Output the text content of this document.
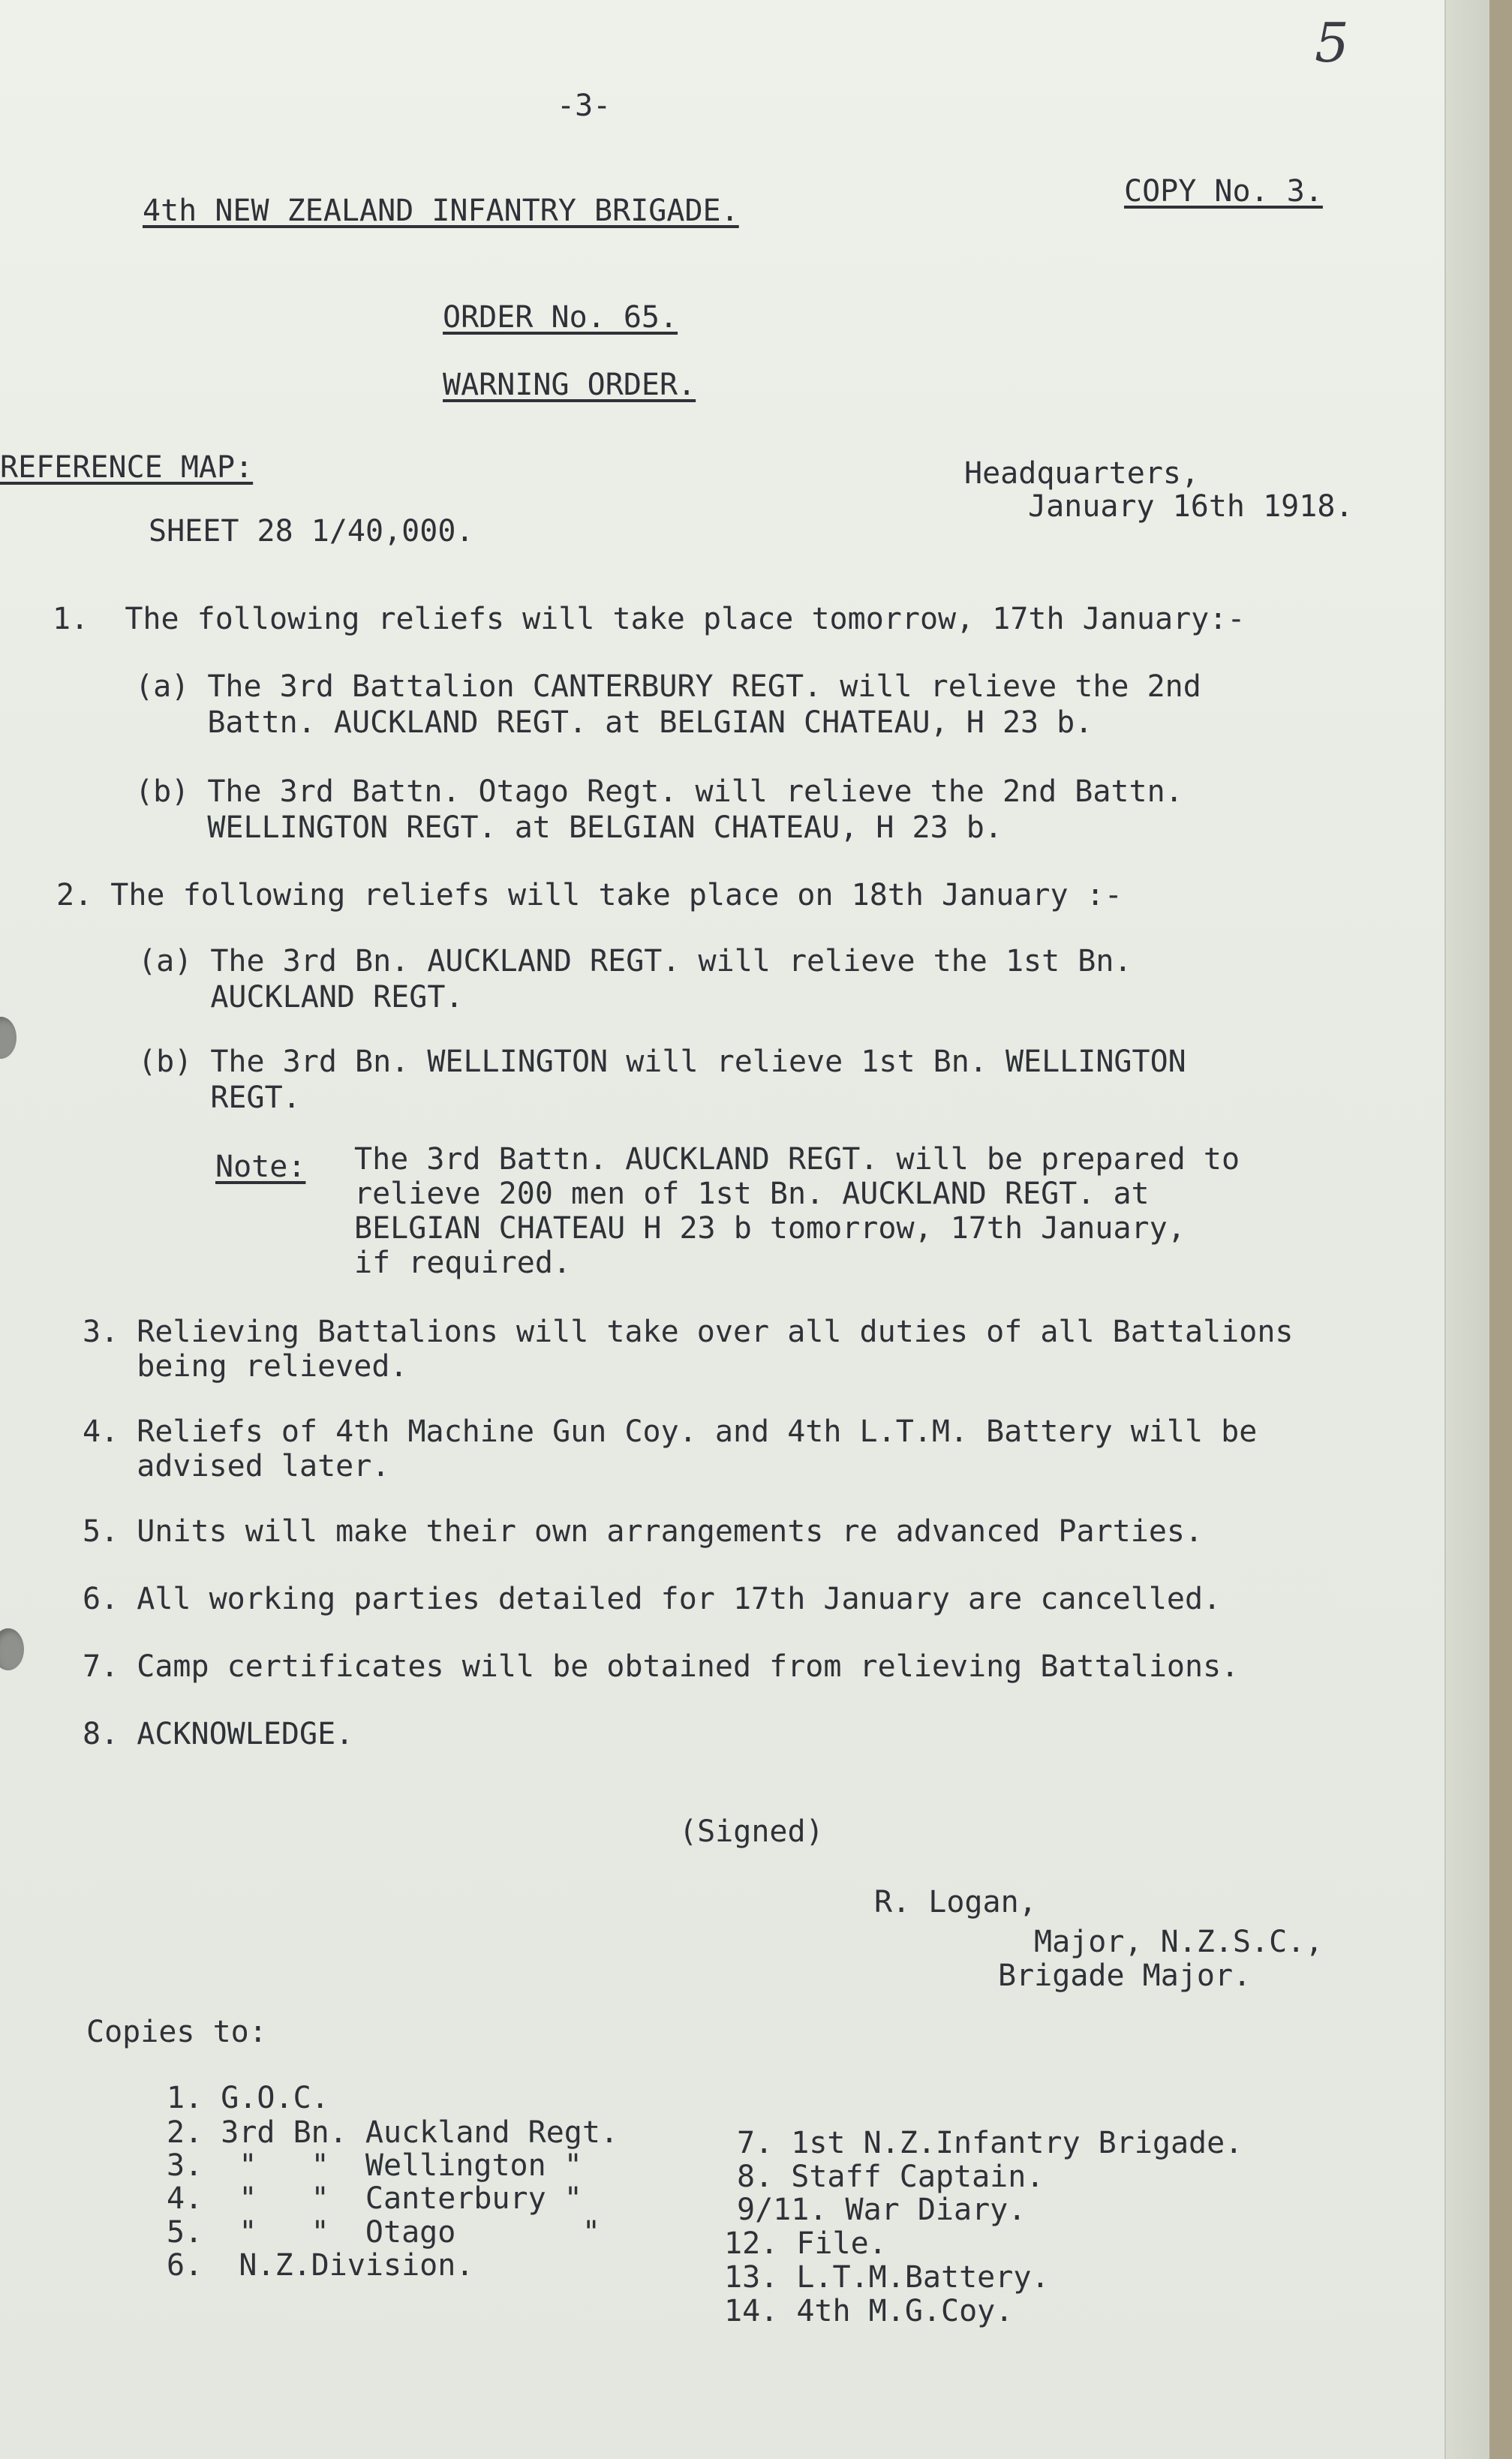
5
-3-
4th NEW ZEALAND INFANTRY BRIGADE.
COPY No. 3.
ORDER No. 65.
WARNING ORDER.
REFERENCE MAP:
SHEET 28 1/40,000.
Headquarters,
January 16th 1918.
1.  The following reliefs will take place tomorrow, 17th January:-
(a) The 3rd Battalion CANTERBURY REGT. will relieve the 2nd
Battn. AUCKLAND REGT. at BELGIAN CHATEAU, H 23 b.
(b) The 3rd Battn. Otago Regt. will relieve the 2nd Battn.
WELLINGTON REGT. at BELGIAN CHATEAU, H 23 b.
2. The following reliefs will take place on 18th January :-
(a) The 3rd Bn. AUCKLAND REGT. will relieve the 1st Bn.
AUCKLAND REGT.
(b) The 3rd Bn. WELLINGTON will relieve 1st Bn. WELLINGTON
REGT.
Note: The 3rd Battn. AUCKLAND REGT. will be prepared to
relieve 200 men of 1st Bn. AUCKLAND REGT. at
BELGIAN CHATEAU H 23 b tomorrow, 17th January,
if required.
3. Relieving Battalions will take over all duties of all Battalions
being relieved.
4. Reliefs of 4th Machine Gun Coy. and 4th L.T.M. Battery will be
advised later.
5. Units will make their own arrangements re advanced Parties.
6. All working parties detailed for 17th January are cancelled.
7. Camp certificates will be obtained from relieving Battalions.
8. ACKNOWLEDGE.
(Signed)
R. Logan,
Major, N.Z.S.C.,
Brigade Major.
Copies to:
1. G.O.C.
2. 3rd Bn. Auckland Regt.
3.  "   "  Wellington "
4.  "   "  Canterbury "
5.  "   "  Otago       "
6.  N.Z.Division.
7. 1st N.Z.Infantry Brigade.
8. Staff Captain.
9/11. War Diary.
12. File.
13. L.T.M.Battery.
14. 4th M.G.Coy.
